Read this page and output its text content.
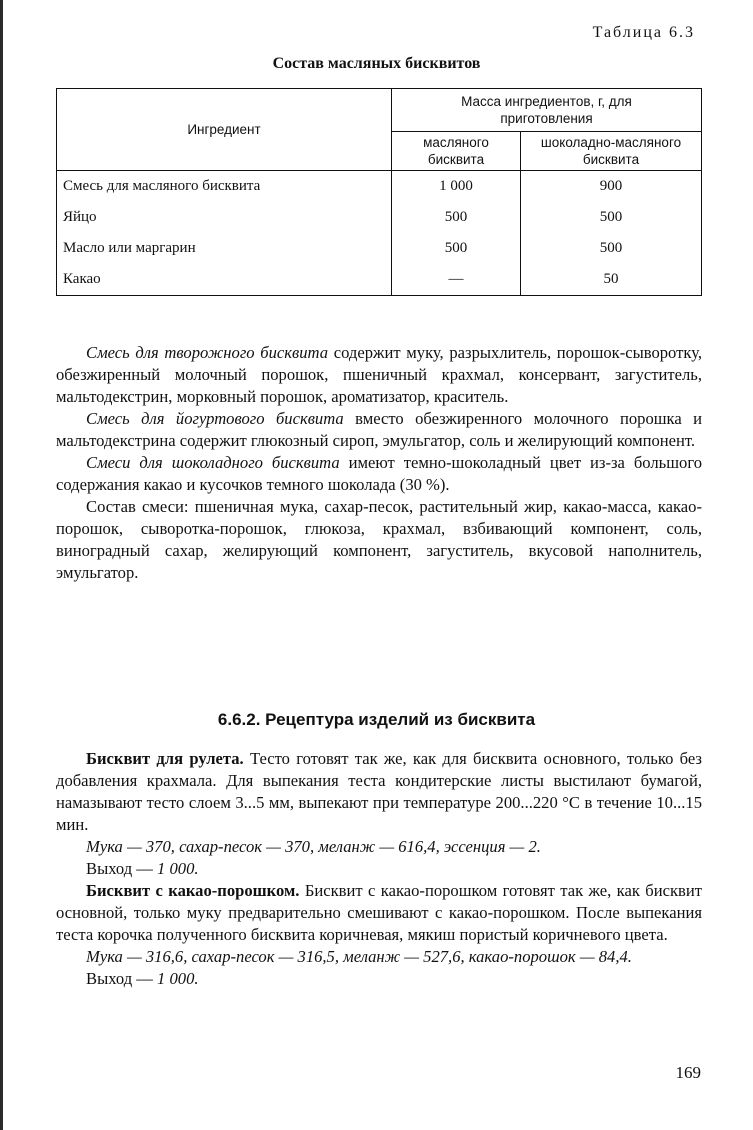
Таблица 6.3
Состав масляных бисквитов
Ингредиент	Масса ингредиентов, г, для приготовления	
	масляного бисквита	шоколадно-масляного бисквита
Смесь для масляного бисквита	1 000	900
Яйцо	500	500
Масло или маргарин	500	500
Какао	—	50

Смесь для творожного бисквита содержит муку, разрыхлитель, порошок-сыворотку, обезжиренный молочный порошок, пшеничный крахмал, консервант, загуститель, мальтодекстрин, морковный порошок, ароматизатор, краситель.

Смесь для йогуртового бисквита вместо обезжиренного молочного порошка и мальтодекстрина содержит глюкозный сироп, эмульгатор, соль и желирующий компонент.

Смеси для шоколадного бисквита имеют темно-шоколадный цвет из-за большого содержания какао и кусочков темного шоколада (30 %).

Состав смеси: пшеничная мука, сахар-песок, растительный жир, какао-масса, какао-порошок, сыворотка-порошок, глюкоза, крахмал, взбивающий компонент, соль, виноградный сахар, желирующий компонент, загуститель, вкусовой наполнитель, эмульгатор.

6.6.2. Рецептура изделий из бисквита

Бисквит для рулета. Тесто готовят так же, как для бисквита основного, только без добавления крахмала. Для выпекания теста кондитерские листы выстилают бумагой, намазывают тесто слоем 3...5 мм, выпекают при температуре 200...220 °С в течение 10...15 мин.

Мука — 370, сахар-песок — 370, меланж — 616,4, эссенция — 2.

Выход — 1 000.

Бисквит с какао-порошком. Бисквит с какао-порошком готовят так же, как бисквит основной, только муку предварительно смешивают с какао-порошком. После выпекания теста корочка полученного бисквита коричневая, мякиш пористый коричневого цвета.

Мука — 316,6, сахар-песок — 316,5, меланж — 527,6, какао-порошок — 84,4.

Выход — 1 000.

169
